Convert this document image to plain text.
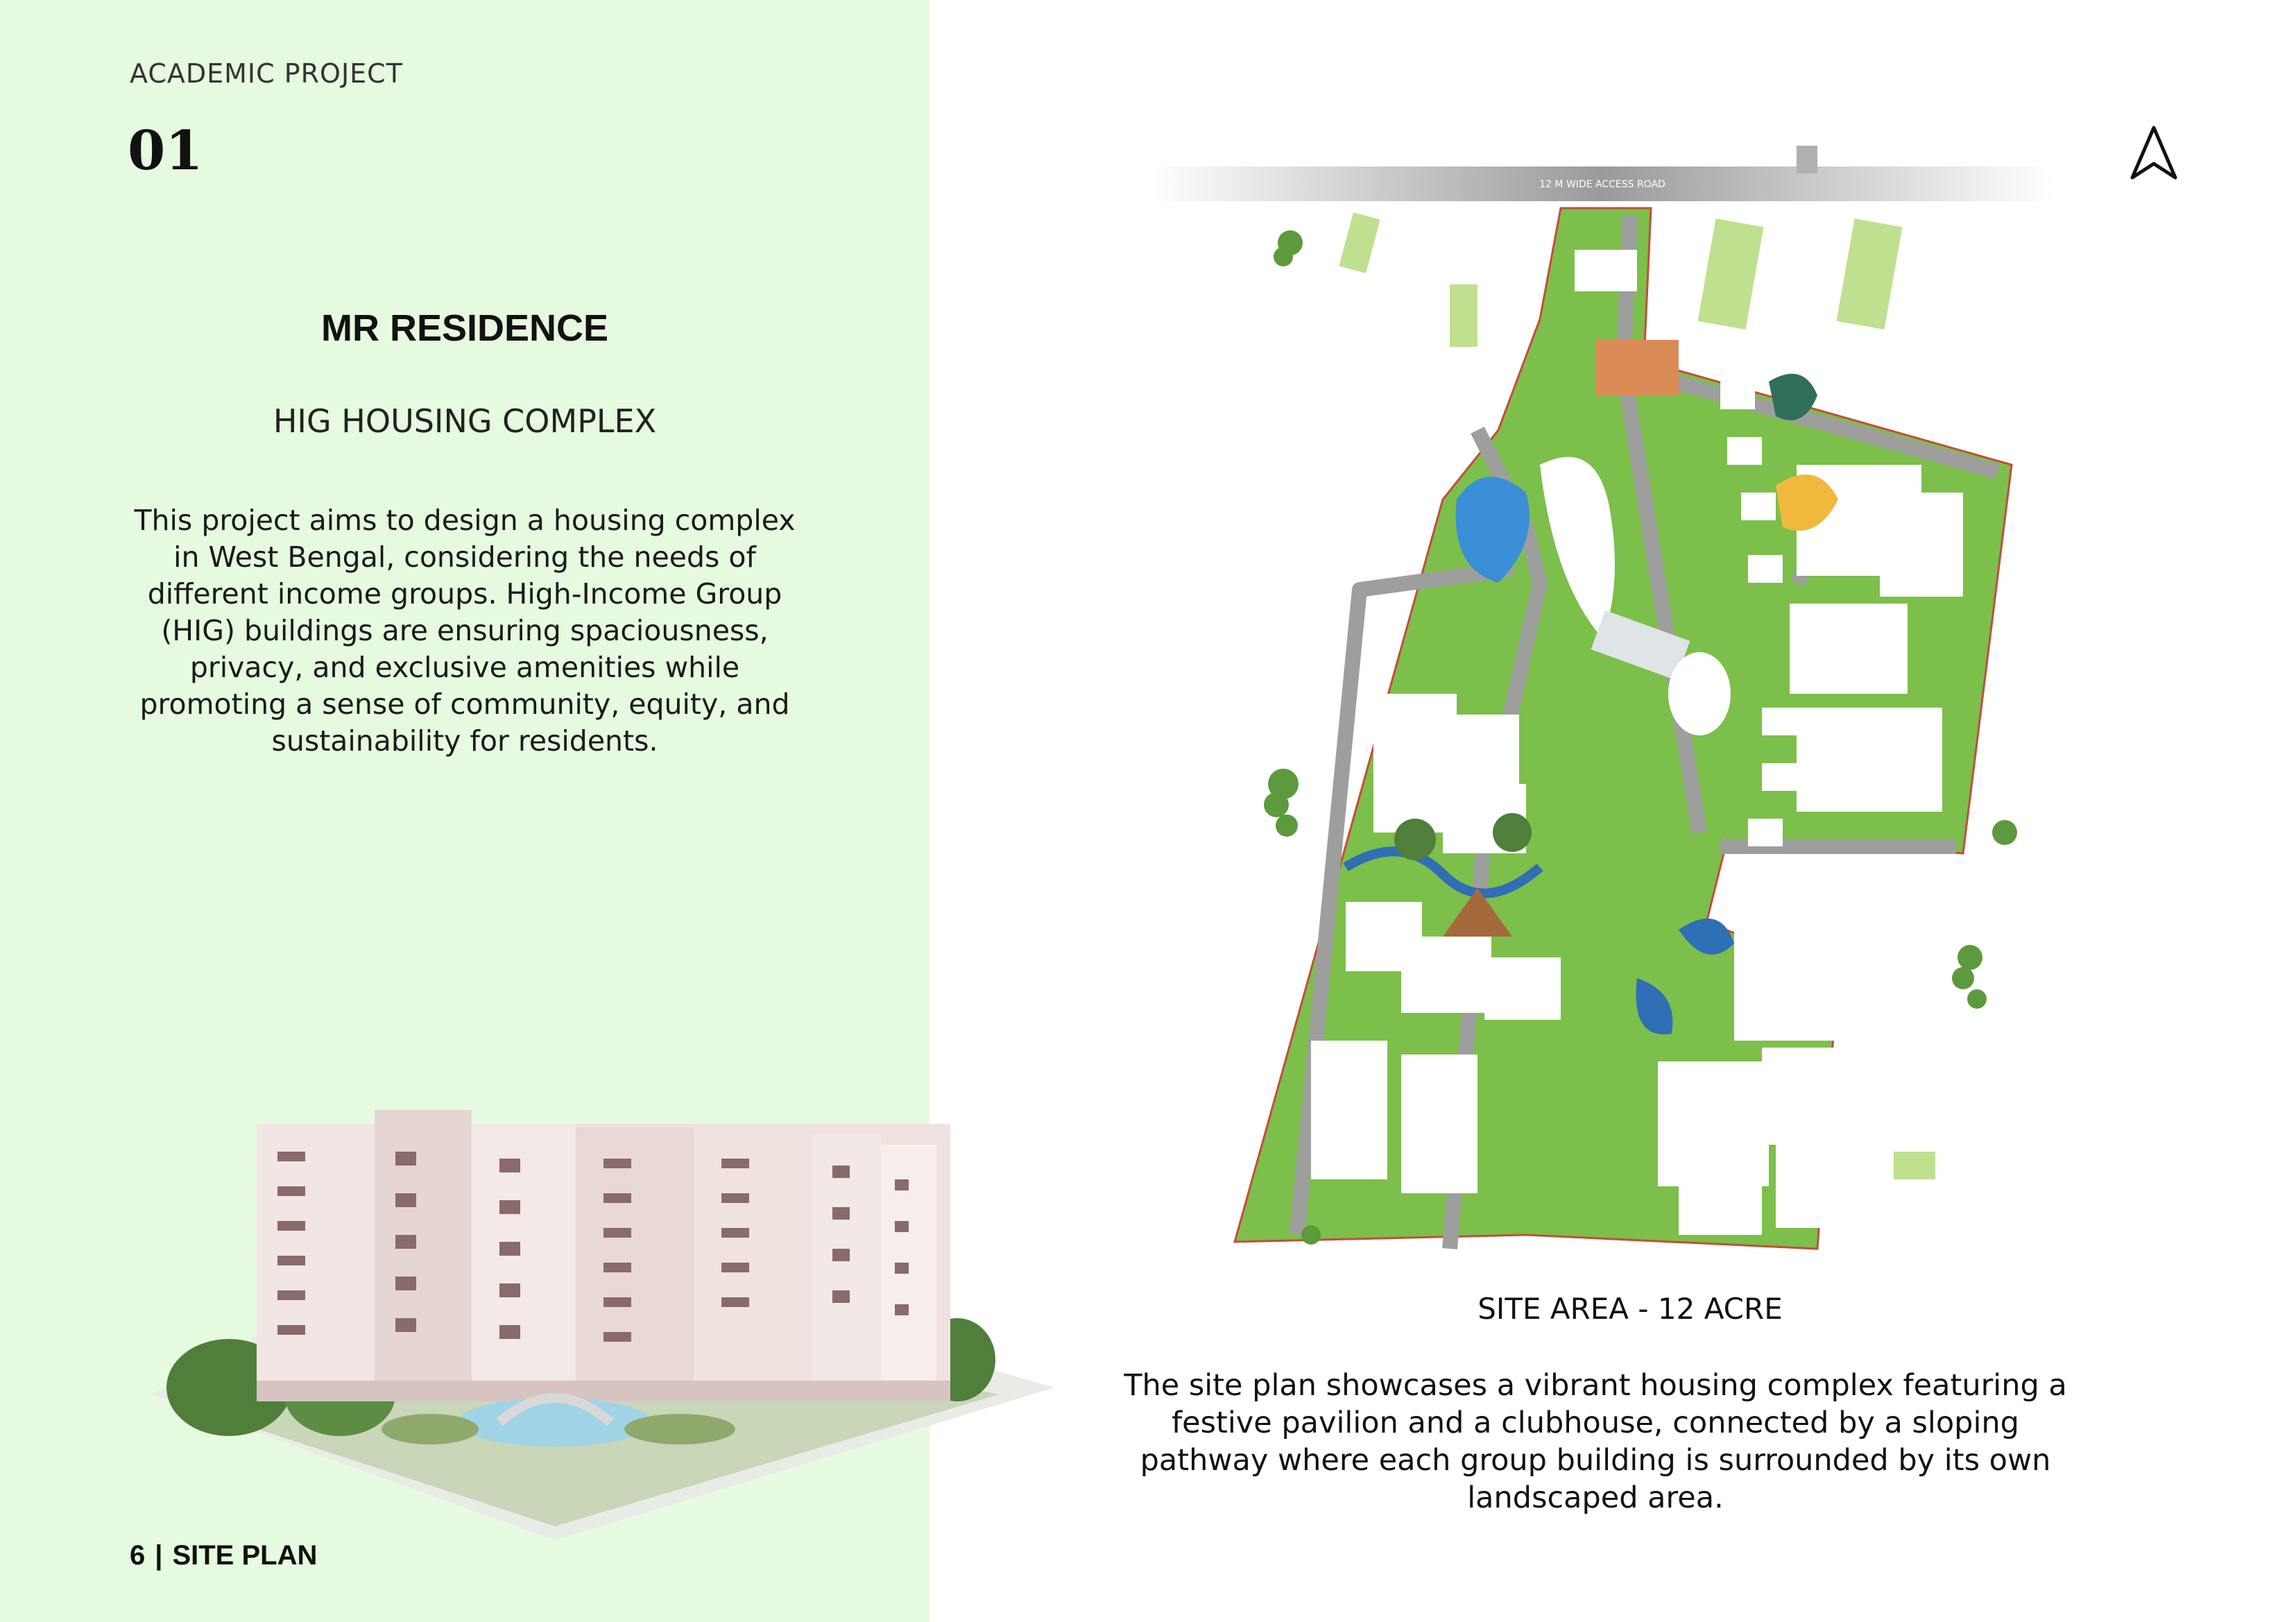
ACADEMIC PROJECT
01
MR RESIDENCE
HIG HOUSING COMPLEX
This project aims to design a housing complex in West Bengal, considering the needs of different income groups. High-Income Group (HIG) buildings are ensuring spaciousness, privacy, and exclusive amenities while promoting a sense of community, equity, and sustainability for residents.
6 | SITE PLAN
12 M WIDE ACCESS ROAD
SITE AREA - 12 ACRE
The site plan showcases a vibrant housing complex featuring a festive pavilion and a clubhouse, connected by a sloping pathway where each group building is surrounded by its own landscaped area.
